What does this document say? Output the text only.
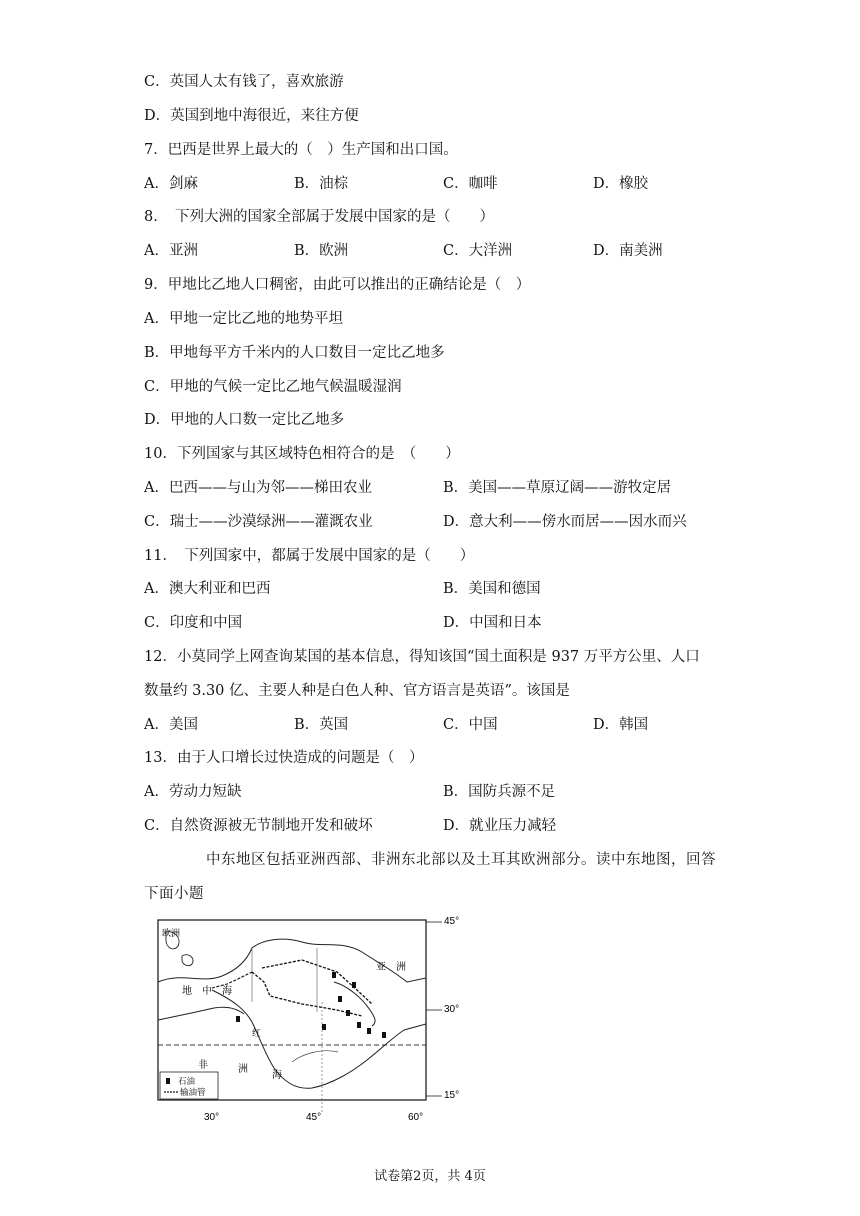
C．英国人太有钱了，喜欢旅游
D．英国到地中海很近，来往方便
7．巴西是世界上最大的（　）生产国和出口国。
A．剑麻	B．油棕	C．咖啡	D．橡胶
8．　下列大洲的国家全部属于发展中国家的是（　　）
A．亚洲	B．欧洲	C．大洋洲	D．南美洲
9．甲地比乙地人口稠密，由此可以推出的正确结论是（　）
A．甲地一定比乙地的地势平坦
B．甲地每平方千米内的人口数目一定比乙地多
C．甲地的气候一定比乙地气候温暖湿润
D．甲地的人口数一定比乙地多
10．下列国家与其区域特色相符合的是　（　　）
A．巴西——与山为邻——梯田农业	B．美国——草原辽阔——游牧定居
C．瑞士——沙漠绿洲——灌溉农业	D．意大利——傍水而居——因水而兴
11．　下列国家中，都属于发展中国家的是（　　）
A．澳大利亚和巴西	B．美国和德国
C．印度和中国	D．中国和日本
12．小莫同学上网查询某国的基本信息，得知该国“国土面积是 937 万平方公里、人口
数量约 3.30 亿、主要人种是白色人种、官方语言是英语”。该国是
A．美国	B．英国	C．中国	D．韩国
13．由于人口增长过快造成的问题是（　）
A．劳动力短缺	B．国防兵源不足
C．自然资源被无节制地开发和破坏	D．就业压力减轻
中东地区包括亚洲西部、非洲东北部以及土耳其欧洲部分。读中东地图，回答
下面小题
欧洲
亚　洲
地　中　海
红
非	洲
海
石油
输油管
45°
30°
15°
30°	45°	60°
试卷第2页，共 4页
